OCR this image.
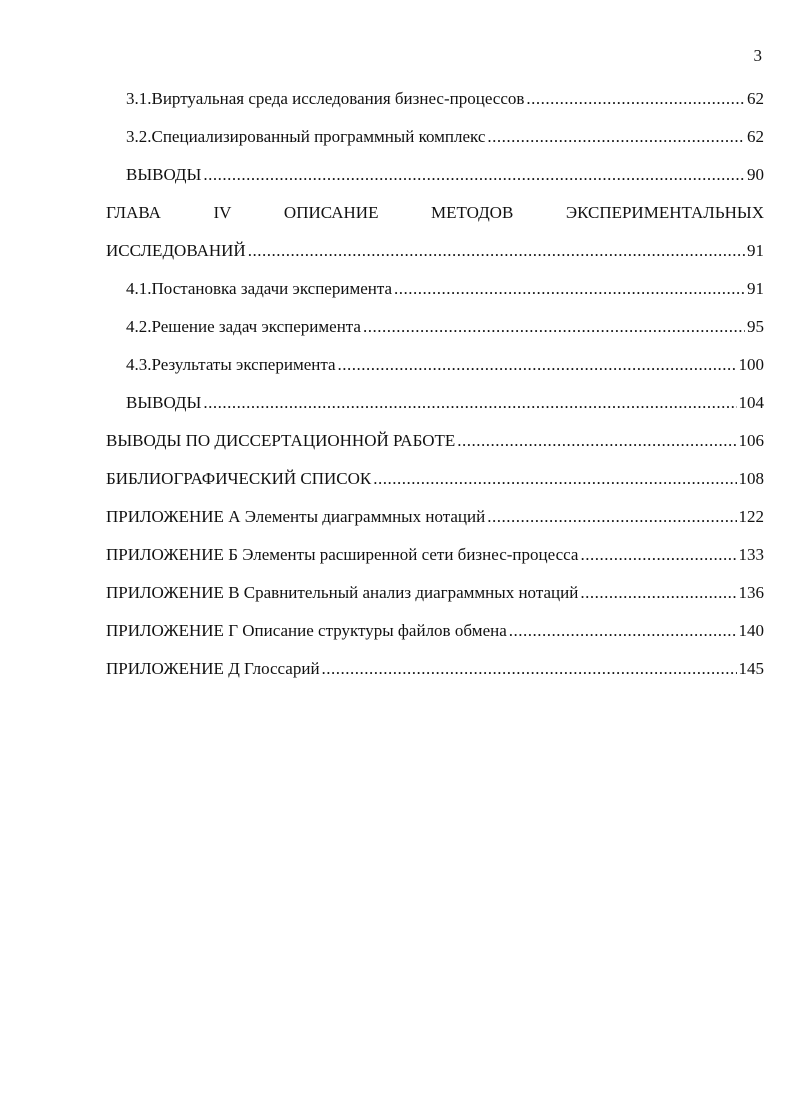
3
3.1. Виртуальная среда исследования бизнес-процессов .....	62
3.2. Специализированный программный комплекс .....	62
ВЫВОДЫ .....	90
ГЛАВА	IV	ОПИСАНИЕ	МЕТОДОВ	ЭКСПЕРИМЕНТАЛЬНЫХ
ИССЛЕДОВАНИЙ .....	91
4.1. Постановка задачи эксперимента .....	91
4.2. Решение задач эксперимента .....	95
4.3. Результаты эксперимента .....	100
ВЫВОДЫ .....	104
ВЫВОДЫ ПО ДИССЕРТАЦИОННОЙ РАБОТЕ .....	106
БИБЛИОГРАФИЧЕСКИЙ СПИСОК .....	108
ПРИЛОЖЕНИЕ А Элементы диаграммных нотаций .....	122
ПРИЛОЖЕНИЕ Б Элементы расширенной сети бизнес-процесса .....	133
ПРИЛОЖЕНИЕ В Сравнительный анализ диаграммных нотаций .....	136
ПРИЛОЖЕНИЕ Г Описание структуры файлов обмена .....	140
ПРИЛОЖЕНИЕ Д Глоссарий .....	145
